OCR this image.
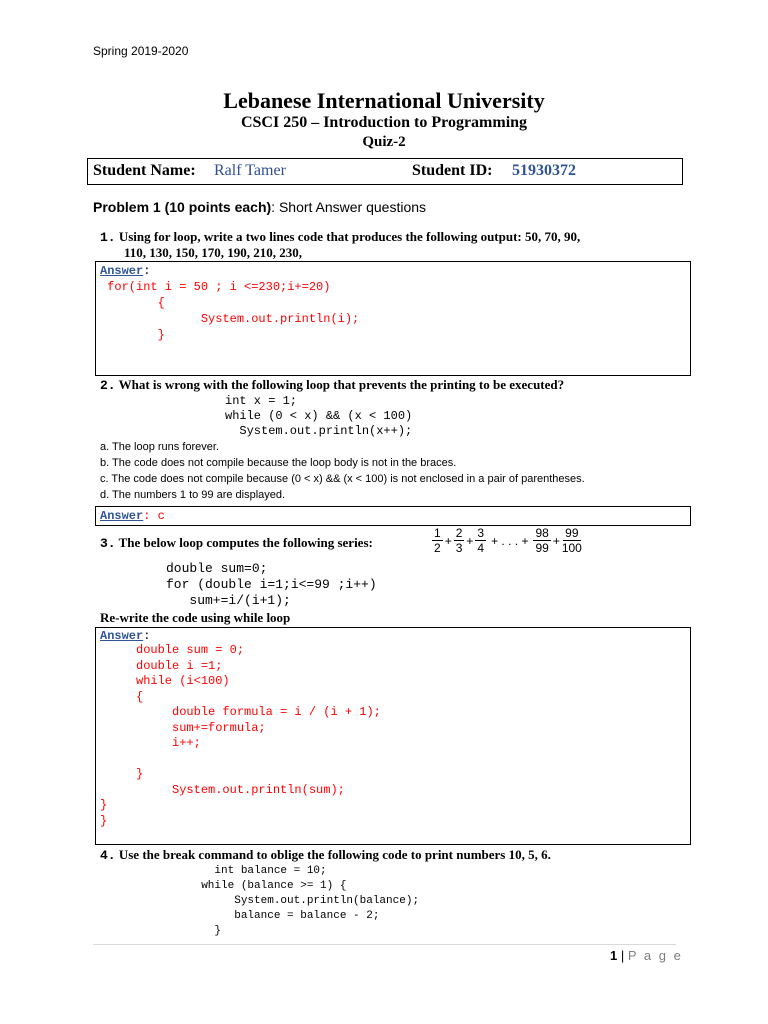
Spring 2019-2020
Lebanese International University
CSCI 250 – Introduction to Programming
Quiz-2
Student Name: Ralf Tamer	Student ID: 51930372
Problem 1 (10 points each): Short Answer questions
1. Using for loop, write a two lines code that produces the following output: 50, 70, 90,
110, 130, 150, 170, 190, 210, 230,
Answer:
for(int i = 50 ; i <=230;i+=20)
{
System.out.println(i);
}
2. What is wrong with the following loop that prevents the printing to be executed?
int x = 1;
while (0 < x) && (x < 100)
System.out.println(x++);
a. The loop runs forever.
b. The code does not compile because the loop body is not in the braces.
c. The code does not compile because (0 < x) && (x < 100) is not enclosed in a pair of parentheses.
d. The numbers 1 to 99 are displayed.
Answer: c
3. The below loop computes the following series:	$\frac{1}{2} + \frac{2}{3} + \frac{3}{4}$ + . . . + $\frac{98}{99} + \frac{99}{100}$
double sum=0;
for (double i=1;i<=99 ;i++)
sum+=i/(i+1);
Re-write the code using while loop
Answer:
double sum = 0;
double i =1;
while (i<100)
{
double formula = i / (i + 1);
sum+=formula;
i++;

}
System.out.println(sum);
}
}
4. Use the break command to oblige the following code to print numbers 10, 5, 6.
int balance = 10;
while (balance >= 1) {
System.out.println(balance);
balance = balance - 2;
}
1 | P a g e
